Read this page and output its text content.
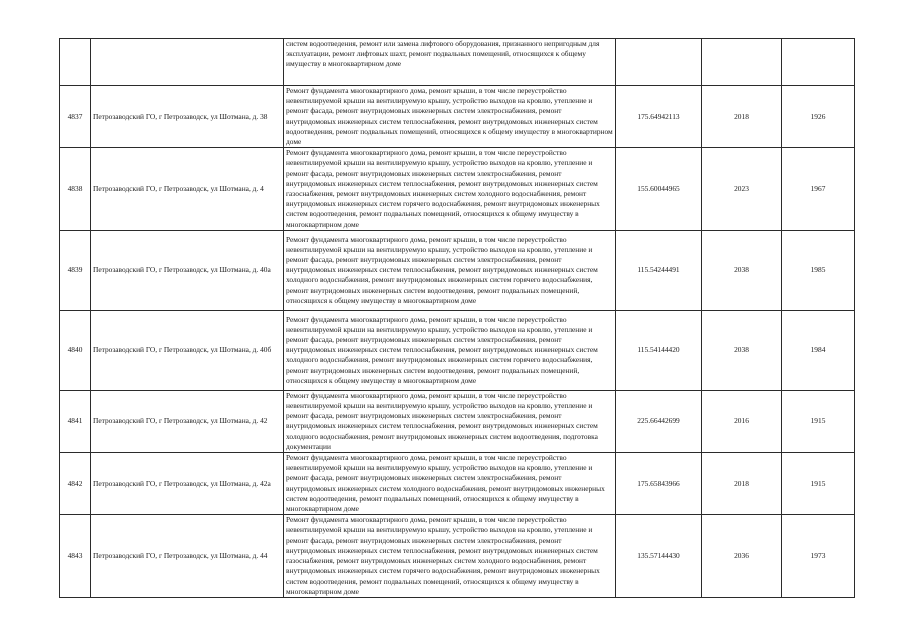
		систем водоотведения, ремонт или замена лифтового оборудования, признанного непригодным для эксплуатации, ремонт лифтовых шахт, ремонт подвальных помещений, относящихся к общему имуществу в многоквартирном доме			
4837	Петрозаводский ГО, г Петрозаводск, ул Шотмана, д. 38	Ремонт фундамента многоквартирного дома, ремонт крыши, в том числе переустройство невентилируемой крыши на вентилируемую крышу, устройство выходов на кровлю, утепление и ремонт фасада, ремонт внутридомовых инженерных систем электроснабжения, ремонт внутридомовых инженерных систем теплоснабжения, ремонт внутридомовых инженерных систем водоотведения, ремонт подвальных помещений, относящихся к общему имуществу в многоквартирном доме	175.64942113	2018	1926
4838	Петрозаводский ГО, г Петрозаводск, ул Шотмана, д. 4	Ремонт фундамента многоквартирного дома, ремонт крыши, в том числе переустройство невентилируемой крыши на вентилируемую крышу, устройство выходов на кровлю, утепление и ремонт фасада, ремонт внутридомовых инженерных систем электроснабжения, ремонт внутридомовых инженерных систем теплоснабжения, ремонт внутридомовых инженерных систем газоснабжения, ремонт внутридомовых инженерных систем холодного водоснабжения, ремонт внутридомовых инженерных систем горячего водоснабжения, ремонт внутридомовых инженерных систем водоотведения, ремонт подвальных помещений, относящихся к общему имуществу в многоквартирном доме	155.60044965	2023	1967
4839	Петрозаводский ГО, г Петрозаводск, ул Шотмана, д. 40а	Ремонт фундамента многоквартирного дома, ремонт крыши, в том числе переустройство невентилируемой крыши на вентилируемую крышу, устройство выходов на кровлю, утепление и ремонт фасада, ремонт внутридомовых инженерных систем электроснабжения, ремонт внутридомовых инженерных систем теплоснабжения, ремонт внутридомовых инженерных систем холодного водоснабжения, ремонт внутридомовых инженерных систем горячего водоснабжения, ремонт внутридомовых инженерных систем водоотведения, ремонт подвальных помещений, относящихся к общему имуществу в многоквартирном доме	115.54244491	2038	1985
4840	Петрозаводский ГО, г Петрозаводск, ул Шотмана, д. 40б	Ремонт фундамента многоквартирного дома, ремонт крыши, в том числе переустройство невентилируемой крыши на вентилируемую крышу, устройство выходов на кровлю, утепление и ремонт фасада, ремонт внутридомовых инженерных систем электроснабжения, ремонт внутридомовых инженерных систем теплоснабжения, ремонт внутридомовых инженерных систем холодного водоснабжения, ремонт внутридомовых инженерных систем горячего водоснабжения, ремонт внутридомовых инженерных систем водоотведения, ремонт подвальных помещений, относящихся к общему имуществу в многоквартирном доме	115.54144420	2038	1984
4841	Петрозаводский ГО, г Петрозаводск, ул Шотмана, д. 42	Ремонт фундамента многоквартирного дома, ремонт крыши, в том числе переустройство невентилируемой крыши на вентилируемую крышу, устройство выходов на кровлю, утепление и ремонт фасада, ремонт внутридомовых инженерных систем электроснабжения, ремонт внутридомовых инженерных систем теплоснабжения, ремонт внутридомовых инженерных систем холодного водоснабжения, ремонт внутридомовых инженерных систем водоотведения, подготовка документации	225.66442699	2016	1915
4842	Петрозаводский ГО, г Петрозаводск, ул Шотмана, д. 42а	Ремонт фундамента многоквартирного дома, ремонт крыши, в том числе переустройство невентилируемой крыши на вентилируемую крышу, устройство выходов на кровлю, утепление и ремонт фасада, ремонт внутридомовых инженерных систем электроснабжения, ремонт внутридомовых инженерных систем холодного водоснабжения, ремонт внутридомовых инженерных систем водоотведения, ремонт подвальных помещений, относящихся к общему имуществу в многоквартирном доме	175.65843966	2018	1915
4843	Петрозаводский ГО, г Петрозаводск, ул Шотмана, д. 44	Ремонт фундамента многоквартирного дома, ремонт крыши, в том числе переустройство невентилируемой крыши на вентилируемую крышу, устройство выходов на кровлю, утепление и ремонт фасада, ремонт внутридомовых инженерных систем электроснабжения, ремонт внутридомовых инженерных систем теплоснабжения, ремонт внутридомовых инженерных систем газоснабжения, ремонт внутридомовых инженерных систем холодного водоснабжения, ремонт внутридомовых инженерных систем горячего водоснабжения, ремонт внутридомовых инженерных систем водоотведения, ремонт подвальных помещений, относящихся к общему имуществу в многоквартирном доме	135.57144430	2036	1973
